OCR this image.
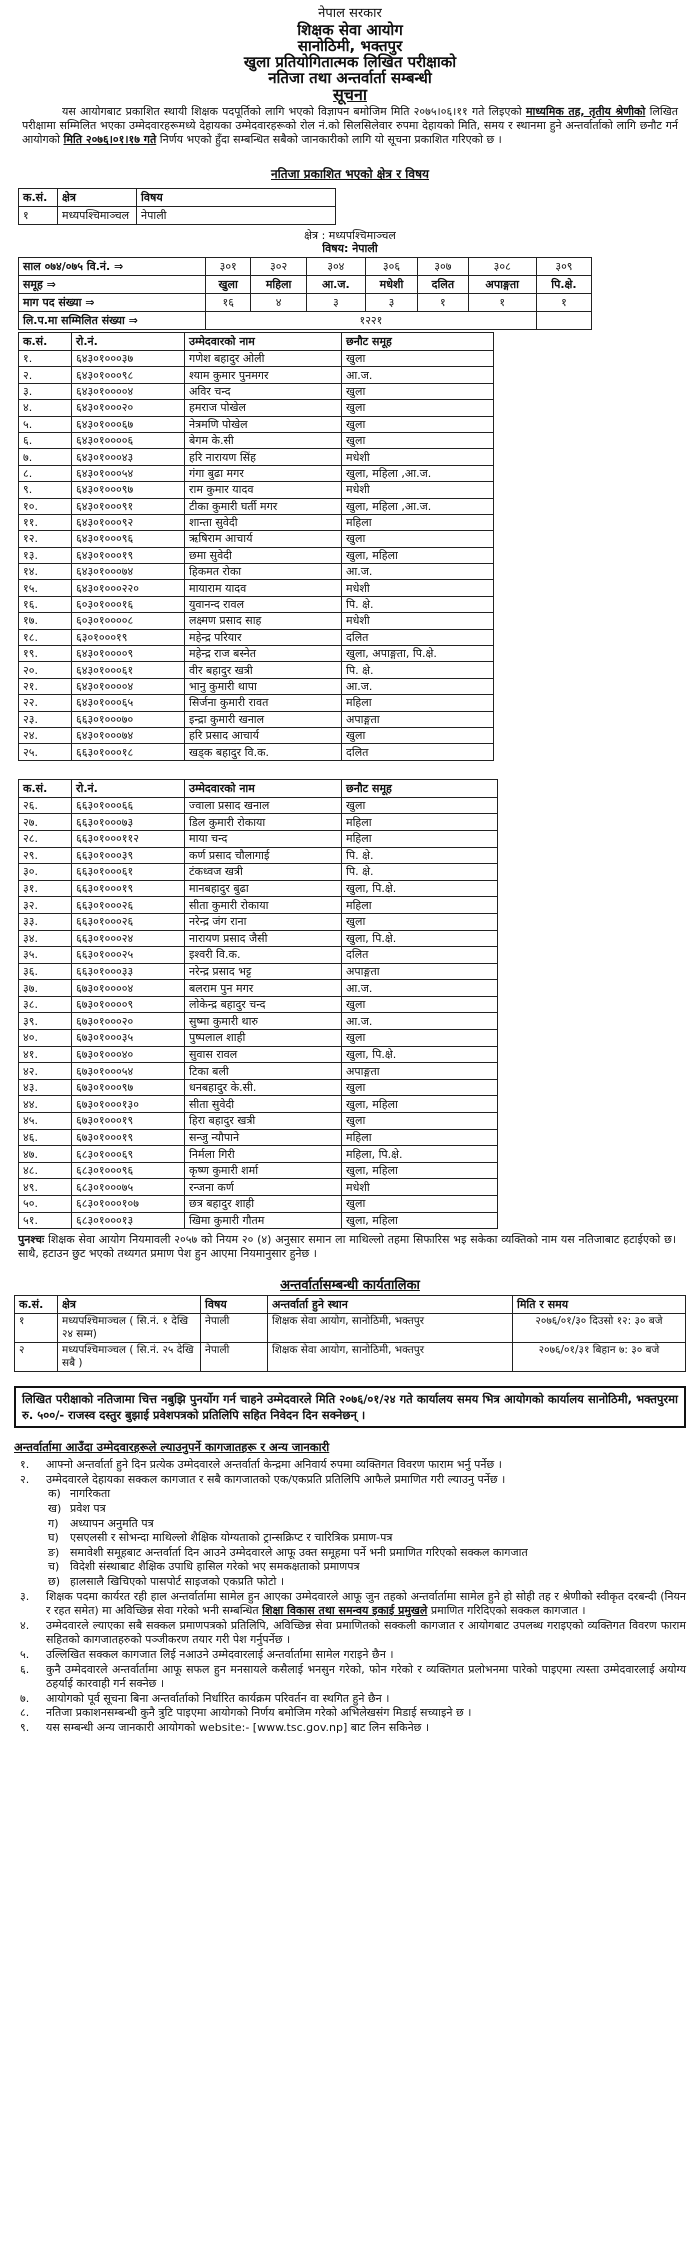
नेपाल सरकार
शिक्षक सेवा आयोग
सानोठिमी, भक्तपुर
खुला प्रतियोगितात्मक लिखित परीक्षाको
नतिजा तथा अन्तर्वार्ता सम्बन्धी
सूचना
यस आयोगबाट प्रकाशित स्थायी शिक्षक पदपूर्तिको लागि भएको विज्ञापन बमोजिम मिति २०७५।०६।११ गते लिइएको माध्यमिक तह, तृतीय श्रेणीको लिखित परीक्षामा सम्मिलित भएका उम्मेदवारहरूमध्ये देहायका उम्मेदवारहरूको रोल नं.को सिलसिलेवार रुपमा देहायको मिति, समय र स्थानमा हुने अन्तर्वार्ताको लागि छनौट गर्न आयोगको मिति २०७६।०१।१७ गते निर्णय भएको हुँदा सम्बन्धित सबैको जानकारीको लागि यो सूचना प्रकाशित गरिएको छ ।
नतिजा प्रकाशित भएको क्षेत्र र विषय
क.सं.	क्षेत्र	विषय
१	मध्यपश्चिमाञ्चल	नेपाली
क्षेत्र : मध्यपश्चिमाञ्चल
विषय: नेपाली
साल ०७४/०७५ वि.नं. ⇒	३०१	३०२	३०४	३०६	३०७	३०८	३०९
समूह ⇒	खुला	महिला	आ.ज.	मधेशी	दलित	अपाङ्गता	पि.क्षे.
माग पद संख्या ⇒	१६	४	३	३	१	१	१
लि.प.मा सम्मिलित संख्या ⇒	१२२१						
क.सं.	रो.नं.	उम्मेदवारको नाम	छनौट समूह
१.	६४३०१०००३७	गणेश बहादुर ओली	खुला
२.	६४३०१०००९८	श्याम कुमार पुनमगर	आ.ज.
३.	६४३०१००००४	अविर चन्द	खुला
४.	६४३०१०००२०	हमराज पोखेल	खुला
५.	६४३०१०००६७	नेत्रमणि पोखेल	खुला
६.	६४३०१००००६	बेगम के.सी	खुला
७.	६४३०१०००४३	हरि नारायण सिंह	मधेशी
८.	६४३०१०००५४	गंगा बुढा मगर	खुला, महिला ,आ.ज.
९.	६४३०१०००९७	राम कुमार यादव	मधेशी
१०.	६४३०१०००९१	टीका कुमारी घर्ती मगर	खुला, महिला ,आ.ज.
११.	६४३०१०००९२	शान्ता सुवेदी	महिला
१२.	६४३०१०००९६	ऋषिराम आचार्य	खुला
१३.	६४३०१०००१९	छमा सुवेदी	खुला, महिला
१४.	६४३०१०००७४	हिकमत रोका	आ.ज.
१५.	६४३०१०००२२०	मायाराम यादव	मधेशी
१६.	६०३०१०००१६	युवानन्द रावल	पि. क्षे.
१७.	६०३०१००००८	लक्ष्मण प्रसाद साह	मधेशी
१८.	६३०१०००१९	महेन्द्र परियार	दलित
१९.	६४३०१००००९	महेन्द्र राज बस्नेत	खुला, अपाङ्गता, पि.क्षे.
२०.	६४३०१०००६१	वीर बहादुर खत्री	पि. क्षे.
२१.	६४३०१००००४	भानु कुमारी थापा	आ.ज.
२२.	६४३०१०००६५	सिर्जना कुमारी रावत	महिला
२३.	६६३०१०००७०	इन्द्रा कुमारी खनाल	अपाङ्गता
२४.	६४३०१०००७४	हरि प्रसाद आचार्य	खुला
२५.	६६३०१०००१८	खड्क बहादुर वि.क.	दलित
क.सं.	रो.नं.	उम्मेदवारको नाम	छनौट समूह
२६.	६६३०१०००६६	ज्वाला प्रसाद खनाल	खुला
२७.	६६३०१०००७३	डिल कुमारी रोकाया	महिला
२८.	६६३०१०००११२	माया चन्द	महिला
२९.	६६३०१०००३९	कर्ण प्रसाद चौलागाई	पि. क्षे.
३०.	६६३०१०००६१	टंकध्वज खत्री	पि. क्षे.
३१.	६६३०१०००१९	मानबहादुर बुढा	खुला, पि.क्षे.
३२.	६६३०१०००२६	सीता कुमारी रोकाया	महिला
३३.	६६३०१०००२६	नरेन्द्र जंग राना	खुला
३४.	६६३०१०००२४	नारायण प्रसाद जैसी	खुला, पि.क्षे.
३५.	६६३०१०००२५	इश्वरी वि.क.	दलित
३६.	६६३०१०००३३	नरेन्द्र प्रसाद भट्ट	अपाङ्गता
३७.	६७३०१००००४	बलराम पुन मगर	आ.ज.
३८.	६७३०१००००९	लोकेन्द्र बहादुर चन्द	खुला
३९.	६७३०१०००२०	सुष्मा कुमारी थारु	आ.ज.
४०.	६७३०१०००३५	पुष्पलाल शाही	खुला
४१.	६७३०१०००४०	सुवास रावल	खुला, पि.क्षे.
४२.	६७३०१०००५४	टिका बली	अपाङ्गता
४३.	६७३०१०००९७	धनबहादुर के.सी.	खुला
४४.	६७३०१०००१३०	सीता सुवेदी	खुला, महिला
४५.	६७३०१०००१९	हिरा बहादुर खत्री	खुला
४६.	६७३०१०००१९	सन्जु न्यौपाने	महिला
४७.	६८३०१०००६९	निर्मला गिरी	महिला, पि.क्षे.
४८.	६८३०१०००९६	कृष्ण कुमारी शर्मा	खुला, महिला
४९.	६८३०१०००७५	रन्जना कर्ण	मधेशी
५०.	६८३०१०००१०७	छत्र बहादुर शाही	खुला
५१.	६८३०१०००१३	खिमा कुमारी गौतम	खुला, महिला
पुनश्चः शिक्षक सेवा आयोग नियमावली २०५७ को नियम २० (४) अनुसार समान ला माथिल्लो तहमा सिफारिस भइ सकेका व्यक्तिको नाम यस नतिजाबाट हटाईएको छ। साथै, हटाउन छुट भएको तथ्यगत प्रमाण पेश हुन आएमा नियमानुसार हुनेछ ।
अन्तर्वार्तासम्बन्धी कार्यतालिका
क.सं.	क्षेत्र	विषय	अन्तर्वार्ता हुने स्थान	मिति र समय
१	मध्यपश्चिमाञ्चल ( सि.नं. १ देखि २४ सम्म)	नेपाली	शिक्षक सेवा आयोग, सानोठिमी, भक्तपुर	२०७६/०१/३० दिउसो १२: ३० बजे
२	मध्यपश्चिमाञ्चल ( सि.नं. २५ देखि सबै )	नेपाली	शिक्षक सेवा आयोग, सानोठिमी, भक्तपुर	२०७६/०१/३१ बिहान ७: ३० बजे
लिखित परीक्षाको नतिजामा चित्त नबुझि पुनर्योग गर्न चाहने उम्मेदवारले मिति २०७६/०१/२४ गते कार्यालय समय भित्र आयोगको कार्यालय सानोठिमी, भक्तपुरमा रु. ५००/- राजस्व दस्तुर बुझाई प्रवेशपत्रको प्रतिलिपि सहित निवेदन दिन सक्नेछन् ।
अन्तर्वार्तामा आउँदा उम्मेदवारहरूले ल्याउनुपर्ने कागजातहरू र अन्य जानकारी
१. आफ्नो अन्तर्वार्ता हुने दिन प्रत्येक उम्मेदवारले अन्तर्वार्ता केन्द्रमा अनिवार्य रुपमा व्यक्तिगत विवरण फाराम भर्नु पर्नेछ ।
२. उम्मेदवारले देहायका सक्कल कागजात र सबै कागजातको एक/एकप्रति प्रतिलिपि आफैले प्रमाणित गरी ल्याउनु पर्नेछ ।
क) नागरिकता
ख) प्रवेश पत्र
ग) अध्यापन अनुमति पत्र
घ) एसएलसी र सोभन्दा माथिल्लो शैक्षिक योग्यताको ट्रान्सक्रिप्ट र चारित्रिक प्रमाण-पत्र
ङ) समावेशी समूहबाट अन्तर्वार्ता दिन आउने उम्मेदवारले आफू उक्त समूहमा पर्ने भनी प्रमाणित गरिएको सक्कल कागजात
च) विदेशी संस्थाबाट शैक्षिक उपाधि हासिल गरेको भए समकक्षताको प्रमाणपत्र
छ) हालसालै खिचिएको पासपोर्ट साइजको एकप्रति फोटो ।
३. शिक्षक पदमा कार्यरत रही हाल अन्तर्वार्तामा सामेल हुन आएका उम्मेदवारले आफू जुन तहको अन्तर्वार्तामा सामेल हुने हो सोही तह र श्रेणीको स्वीकृत दरबन्दी (नियन र रहत समेत) मा अविच्छिन्न सेवा गरेको भनी सम्बन्धित शिक्षा विकास तथा समन्वय इकाई प्रमुखले प्रमाणित गरिदिएको सक्कल कागजात ।
४. उम्मेदवारले ल्याएका सबै सक्कल प्रमाणपत्रको प्रतिलिपि, अविच्छिन्न सेवा प्रमाणितको सक्कली कागजात र आयोगबाट उपलब्ध गराइएको व्यक्तिगत विवरण फाराम सहितको कागजातहरुको पञ्जीकरण तयार गरी पेश गर्नुपर्नेछ ।
५. उल्लिखित सक्कल कागजात लिई नआउने उम्मेदवारलाई अन्तर्वार्तामा सामेल गराइने छैन ।
६. कुनै उम्मेदवारले अन्तर्वार्तामा आफू सफल हुन मनसायले कसैलाई भनसुन गरेको, फोन गरेको र व्यक्तिगत प्रलोभनमा पारेको पाइएमा त्यस्ता उम्मेदवारलाई अयोग्य ठहर्याई कारवाही गर्न सक्नेछ ।
७. आयोगको पूर्व सूचना बिना अन्तर्वार्ताको निर्धारित कार्यक्रम परिवर्तन वा स्थगित हुने छैन ।
८. नतिजा प्रकाशनसम्बन्धी कुनै त्रुटि पाइएमा आयोगको निर्णय बमोजिम गरेको अभिलेखसंग मिडाई सच्याइने छ ।
९. यस सम्बन्धी अन्य जानकारी आयोगको website:- [www.tsc.gov.np] बाट लिन सकिनेछ ।
